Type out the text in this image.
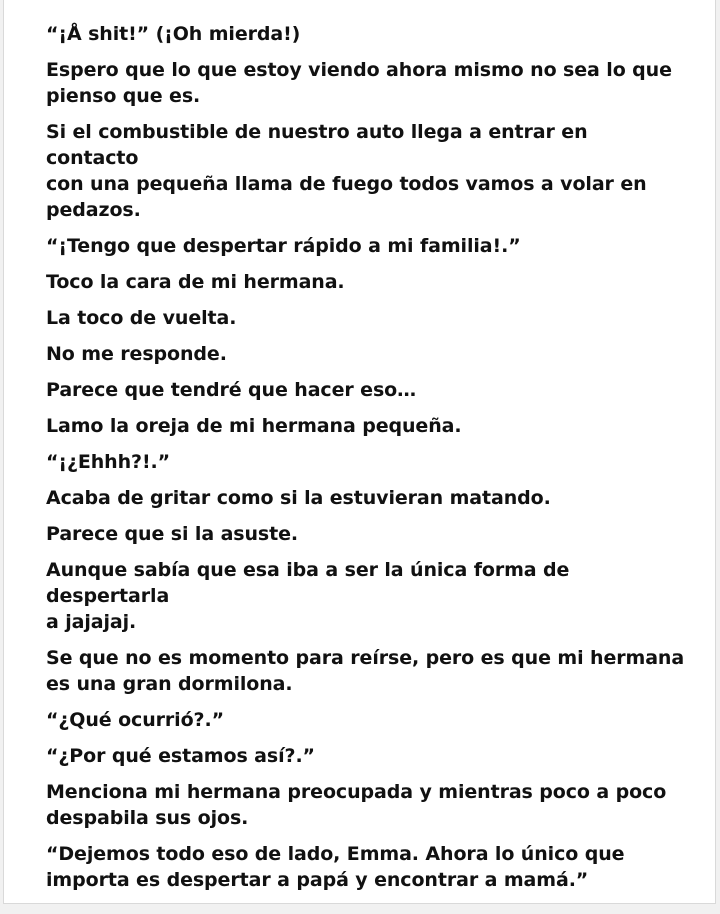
“¡Å shit!” (¡Oh mierda!)

Espero que lo que estoy viendo ahora mismo no sea lo que
pienso que es.

Si el combustible de nuestro auto llega a entrar en contacto
con una pequeña llama de fuego todos vamos a volar en
pedazos.

“¡Tengo que despertar rápido a mi familia!.”

Toco la cara de mi hermana.

La toco de vuelta.

No me responde.

Parece que tendré que hacer eso…

Lamo la oreja de mi hermana pequeña.

“¡¿Ehhh?!.”

Acaba de gritar como si la estuvieran matando.

Parece que si la asuste.

Aunque sabía que esa iba a ser la única forma de despertarla
a jajajaj.

Se que no es momento para reírse, pero es que mi hermana
es una gran dormilona.

“¿Qué ocurrió?.”

“¿Por qué estamos así?.”

Menciona mi hermana preocupada y mientras poco a poco
despabila sus ojos.

“Dejemos todo eso de lado, Emma. Ahora lo único que
importa es despertar a papá y encontrar a mamá.”
